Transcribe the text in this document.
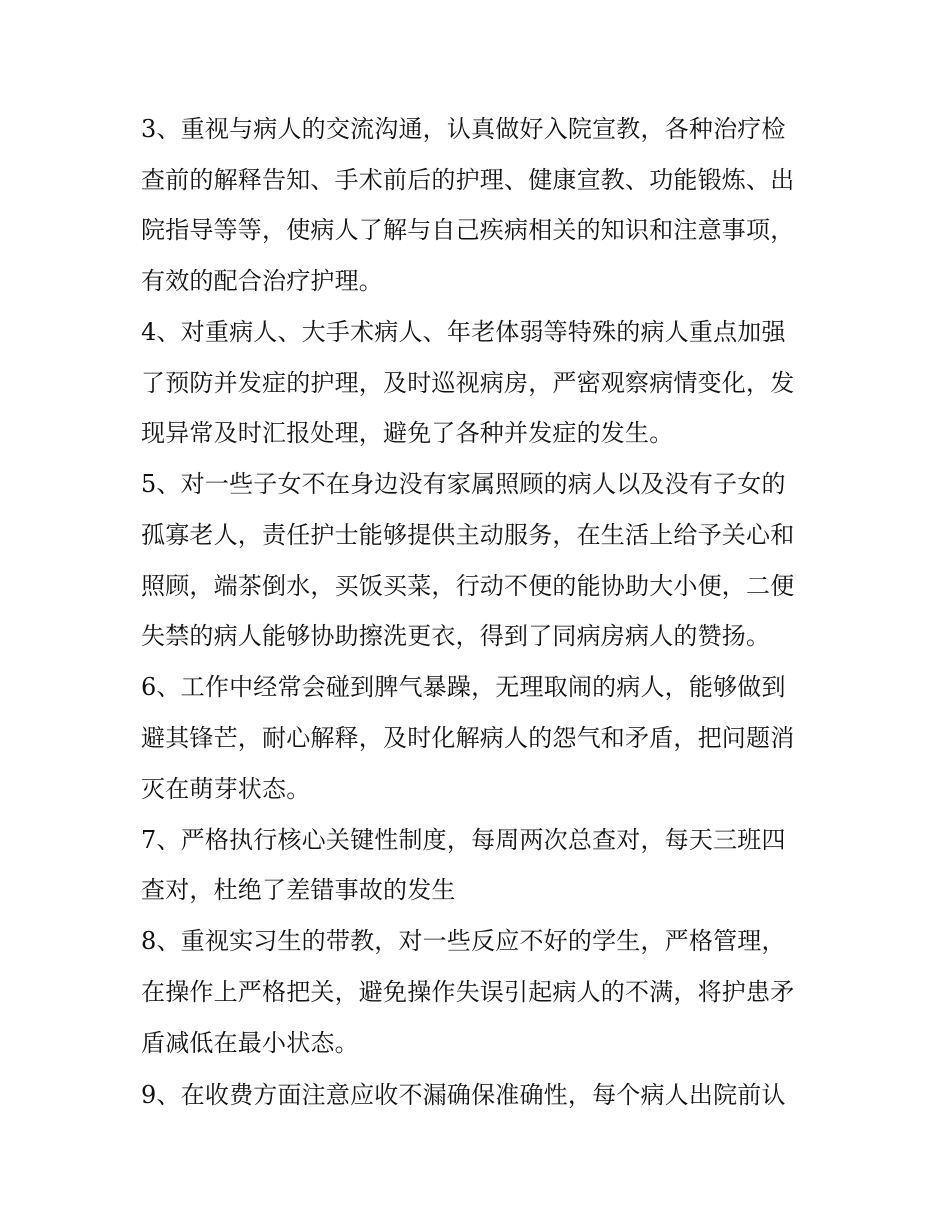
3、重视与病人的交流沟通，认真做好入院宣教，各种治疗检
查前的解释告知、手术前后的护理、健康宣教、功能锻炼、出
院指导等等，使病人了解与自己疾病相关的知识和注意事项，
有效的配合治疗护理。
4、对重病人、大手术病人、年老体弱等特殊的病人重点加强
了预防并发症的护理，及时巡视病房，严密观察病情变化，发
现异常及时汇报处理，避免了各种并发症的发生。
5、对一些子女不在身边没有家属照顾的病人以及没有子女的
孤寡老人，责任护士能够提供主动服务，在生活上给予关心和
照顾，端茶倒水，买饭买菜，行动不便的能协助大小便，二便
失禁的病人能够协助擦洗更衣，得到了同病房病人的赞扬。
6、工作中经常会碰到脾气暴躁，无理取闹的病人，能够做到
避其锋芒，耐心解释，及时化解病人的怨气和矛盾，把问题消
灭在萌芽状态。
7、严格执行核心关键性制度，每周两次总查对，每天三班四
查对，杜绝了差错事故的发生
8、重视实习生的带教，对一些反应不好的学生，严格管理，
在操作上严格把关，避免操作失误引起病人的不满，将护患矛
盾减低在最小状态。
9、在收费方面注意应收不漏确保准确性，每个病人出院前认
